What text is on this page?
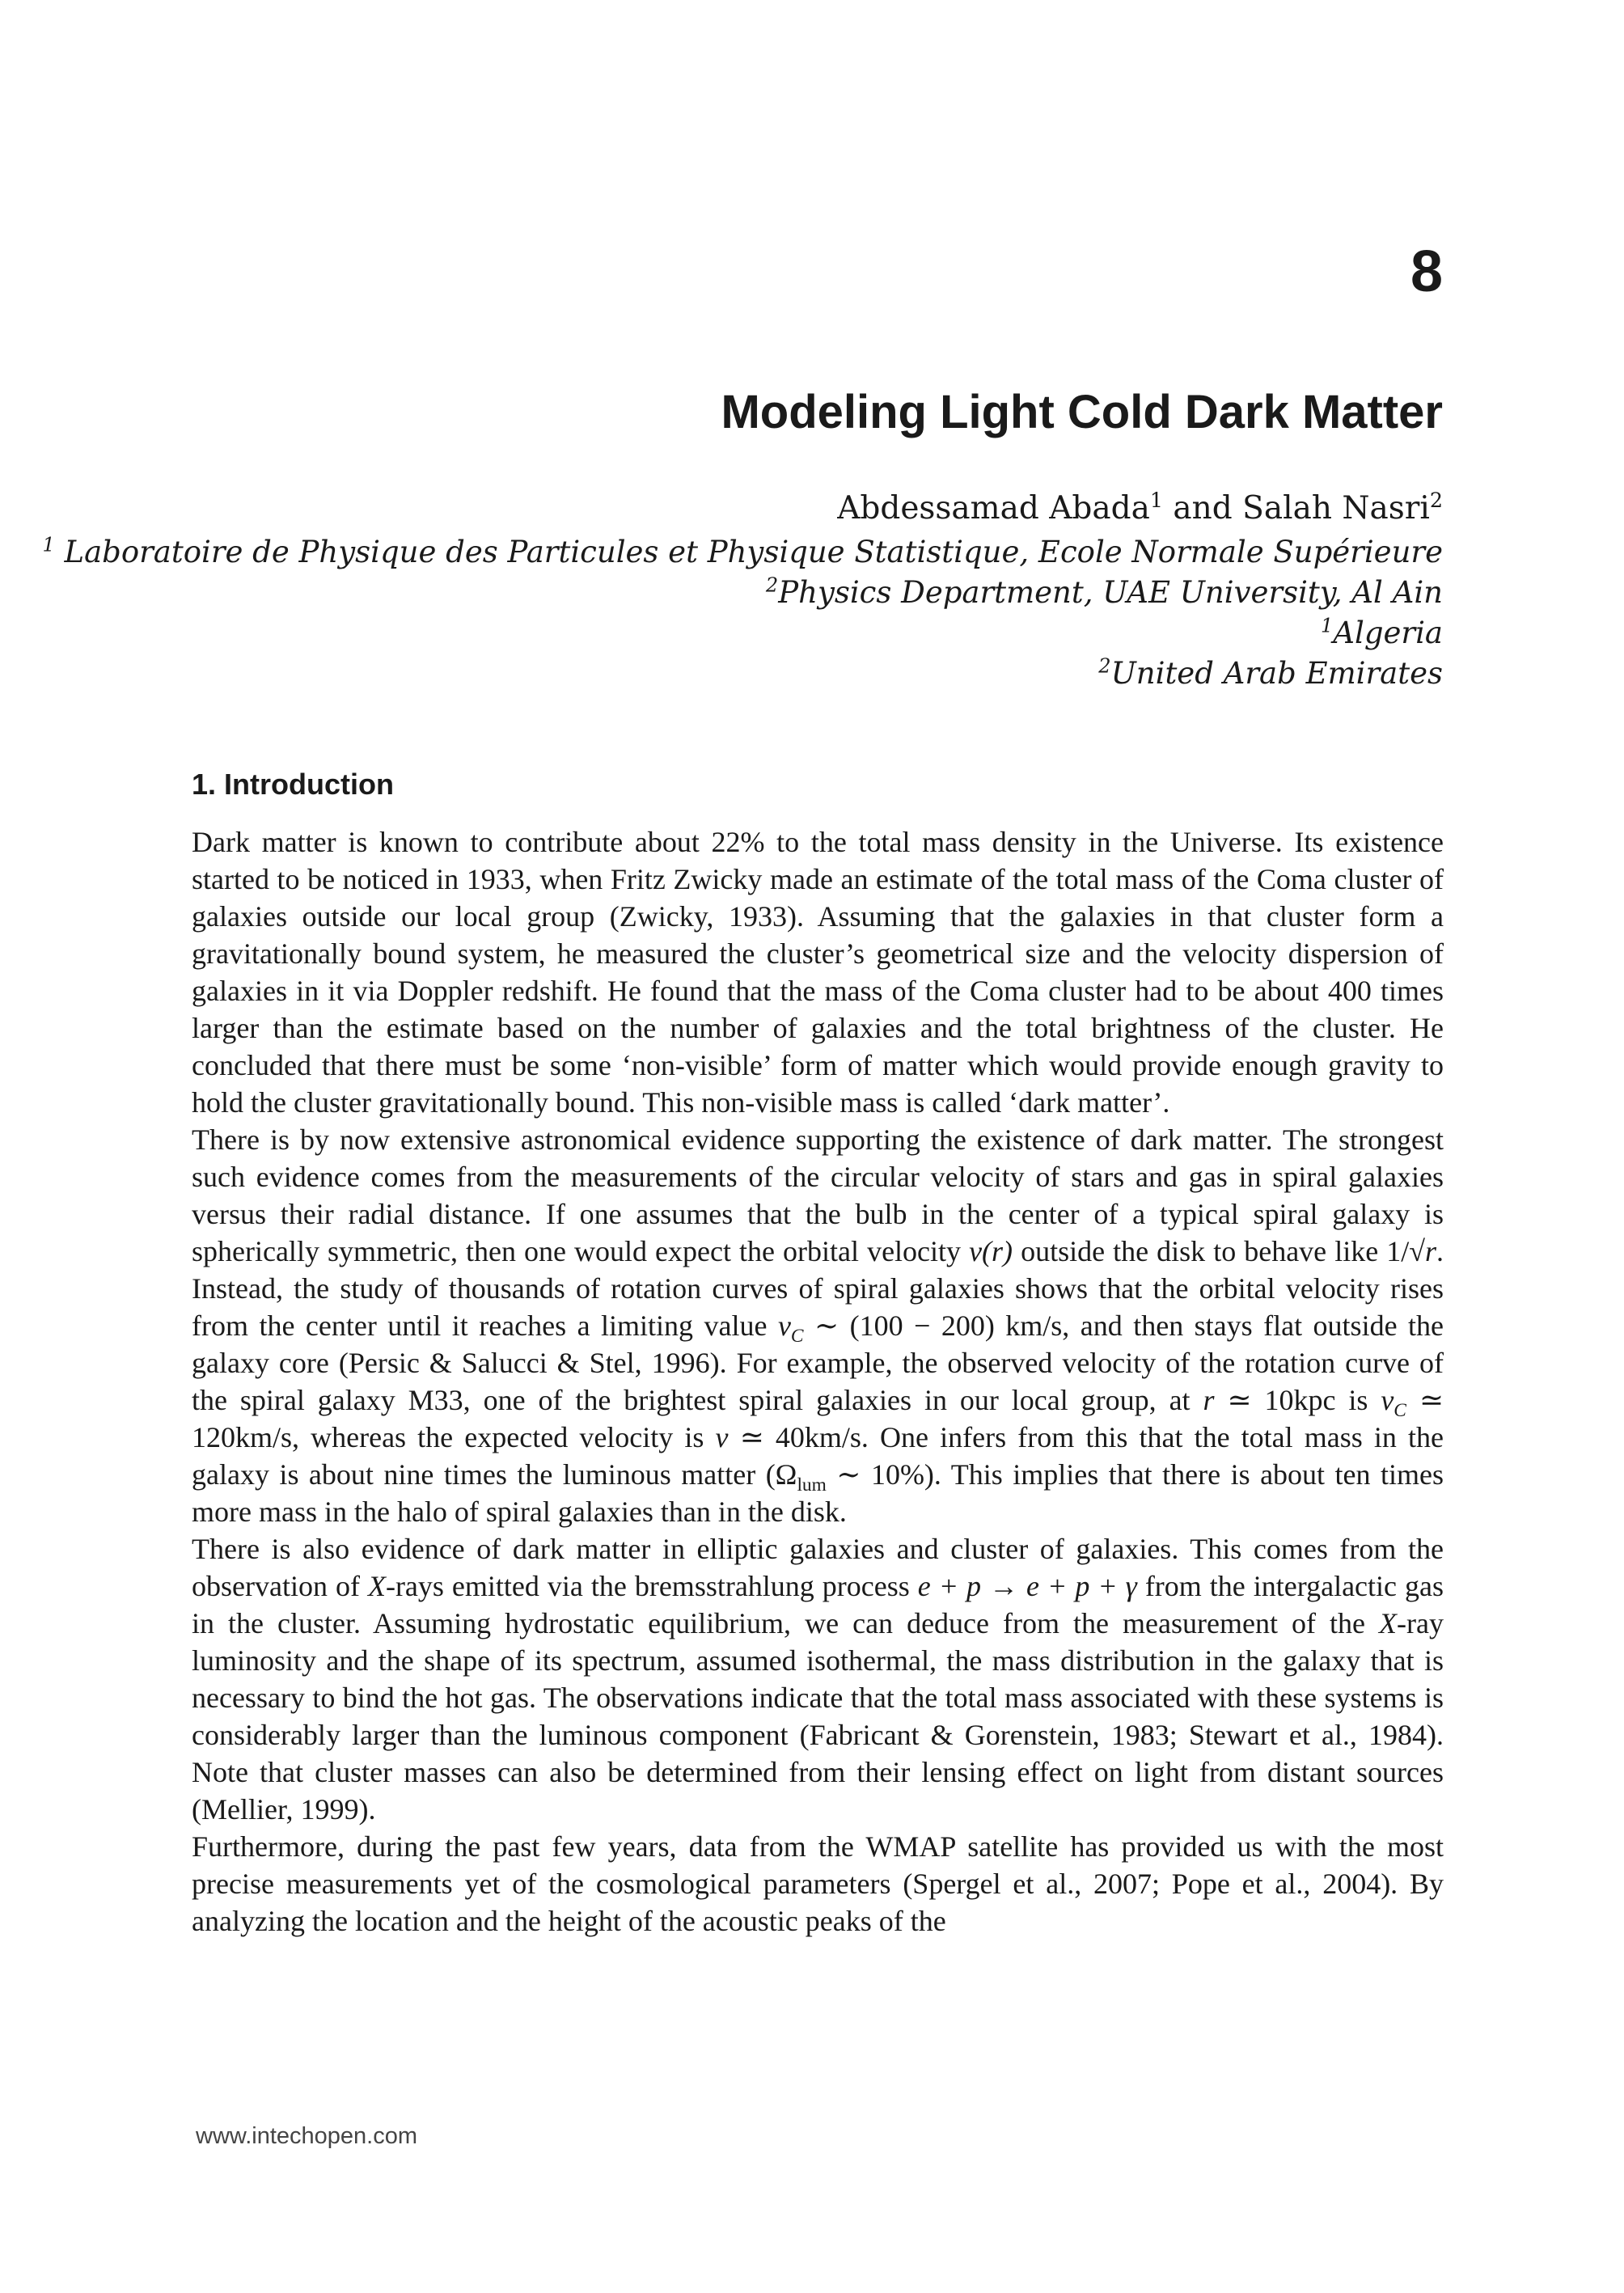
8
Modeling Light Cold Dark Matter
Abdessamad Abada$^1$ and Salah Nasri$^2$
$^1$ Laboratoire de Physique des Particules et Physique Statistique, Ecole Normale Supérieure
$^2$Physics Department, UAE University, Al Ain
$^1$Algeria
$^2$United Arab Emirates
1. Introduction

Dark matter is known to contribute about 22% to the total mass density in the Universe. Its existence started to be noticed in 1933, when Fritz Zwicky made an estimate of the total mass of the Coma cluster of galaxies outside our local group (Zwicky, 1933). Assuming that the galaxies in that cluster form a gravitationally bound system, he measured the cluster’s geometrical size and the velocity dispersion of galaxies in it via Doppler redshift. He found that the mass of the Coma cluster had to be about 400 times larger than the estimate based on the number of galaxies and the total brightness of the cluster. He concluded that there must be some ‘non-visible’ form of matter which would provide enough gravity to hold the cluster gravitationally bound. This non-visible mass is called ‘dark matter’.

There is by now extensive astronomical evidence supporting the existence of dark matter. The strongest such evidence comes from the measurements of the circular velocity of stars and gas in spiral galaxies versus their radial distance. If one assumes that the bulb in the center of a typical spiral galaxy is spherically symmetric, then one would expect the orbital velocity v(r) outside the disk to behave like 1/√r. Instead, the study of thousands of rotation curves of spiral galaxies shows that the orbital velocity rises from the center until it reaches a limiting value $v_C$ ∼ (100 − 200) km/s, and then stays flat outside the galaxy core (Persic & Salucci & Stel, 1996). For example, the observed velocity of the rotation curve of the spiral galaxy M33, one of the brightest spiral galaxies in our local group, at r ≃ 10kpc is $v_C$ ≃ 120km/s, whereas the expected velocity is v ≃ 40km/s. One infers from this that the total mass in the galaxy is about nine times the luminous matter ($\Omega_{lum}$ ∼ 10%). This implies that there is about ten times more mass in the halo of spiral galaxies than in the disk.

There is also evidence of dark matter in elliptic galaxies and cluster of galaxies. This comes from the observation of X-rays emitted via the bremsstrahlung process e + p → e + p + γ from the intergalactic gas in the cluster. Assuming hydrostatic equilibrium, we can deduce from the measurement of the X-ray luminosity and the shape of its spectrum, assumed isothermal, the mass distribution in the galaxy that is necessary to bind the hot gas. The observations indicate that the total mass associated with these systems is considerably larger than the luminous component (Fabricant & Gorenstein, 1983; Stewart et al., 1984). Note that cluster masses can also be determined from their lensing effect on light from distant sources (Mellier, 1999).

Furthermore, during the past few years, data from the WMAP satellite has provided us with the most precise measurements yet of the cosmological parameters (Spergel et al., 2007; Pope et al., 2004). By analyzing the location and the height of the acoustic peaks of the

www.intechopen.com
